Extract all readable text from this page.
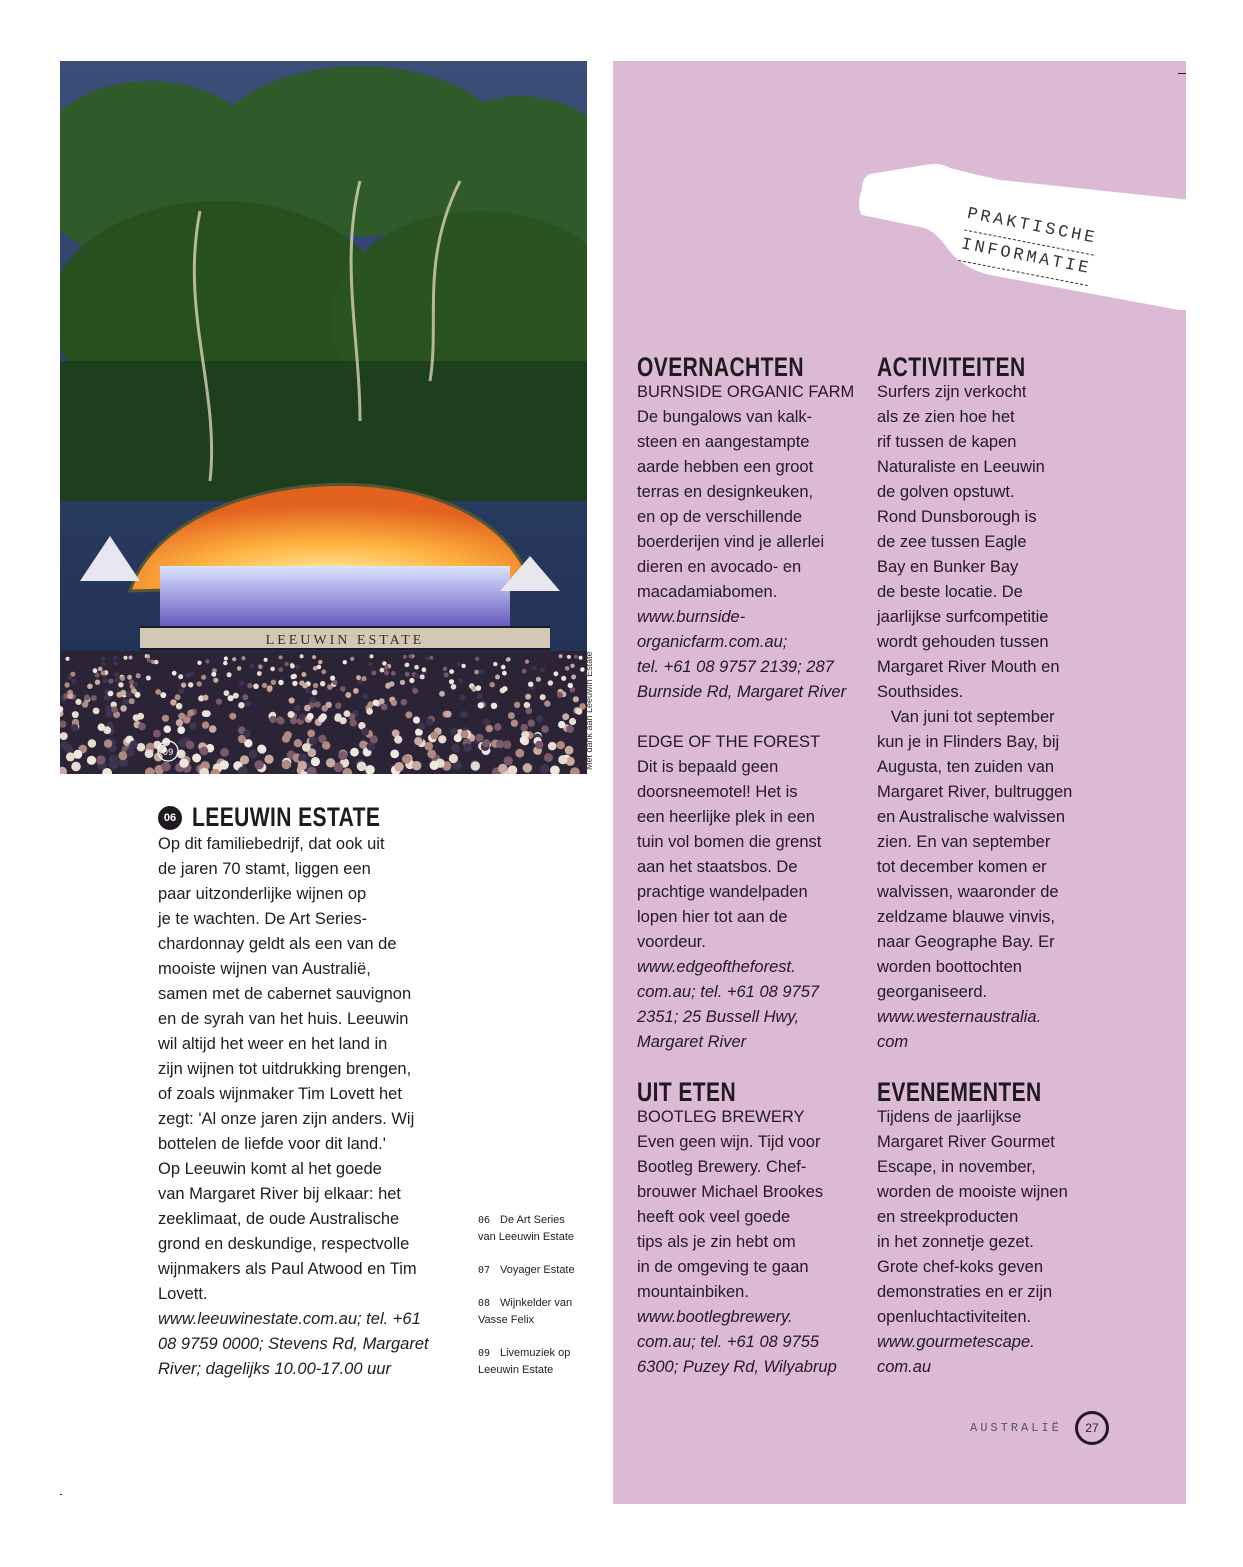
LEEUWIN ESTATE
09	Met dank aan Leeuwin Estate
06 LEEUWIN ESTATE
Op dit familiebedrijf, dat ook uit
de jaren 70 stamt, liggen een
paar uitzonderlijke wijnen op
je te wachten. De Art Series-
chardonnay geldt als een van de
mooiste wijnen van Australië,
samen met de cabernet sauvignon
en de syrah van het huis. Leeuwin
wil altijd het weer en het land in
zijn wijnen tot uitdrukking brengen,
of zoals wijnmaker Tim Lovett het
zegt: 'Al onze jaren zijn anders. Wij
bottelen de liefde voor dit land.'
Op Leeuwin komt al het goede
van Margaret River bij elkaar: het
zeeklimaat, de oude Australische
grond en deskundige, respectvolle
wijnmakers als Paul Atwood en Tim
Lovett.
www.leeuwinestate.com.au; tel. +61
08 9759 0000; Stevens Rd, Margaret
River; dagelijks 10.00-17.00 uur
06 De Art Series
van Leeuwin Estate
07 Voyager Estate
08 Wijnkelder van
Vasse Felix
09 Livemuziek op
Leeuwin Estate
PRAKTISCHE
INFORMATIE
OVERNACHTEN
BURNSIDE ORGANIC FARM
De bungalows van kalk-
steen en aangestampte
aarde hebben een groot
terras en designkeuken,
en op de verschillende
boerderijen vind je allerlei
dieren en avocado- en
macadamiabomen.
www.burnside-
organicfarm.com.au;
tel. +61 08 9757 2139; 287
Burnside Rd, Margaret River
EDGE OF THE FOREST
Dit is bepaald geen
doorsneemotel! Het is
een heerlijke plek in een
tuin vol bomen die grenst
aan het staatsbos. De
prachtige wandelpaden
lopen hier tot aan de
voordeur.
www.edgeoftheforest.
com.au; tel. +61 08 9757
2351; 25 Bussell Hwy,
Margaret River
UIT ETEN
BOOTLEG BREWERY
Even geen wijn. Tijd voor
Bootleg Brewery. Chef-
brouwer Michael Brookes
heeft ook veel goede
tips als je zin hebt om
in de omgeving te gaan
mountainbiken.
www.bootlegbrewery.
com.au; tel. +61 08 9755
6300; Puzey Rd, Wilyabrup
ACTIVITEITEN
Surfers zijn verkocht
als ze zien hoe het
rif tussen de kapen
Naturaliste en Leeuwin
de golven opstuwt.
Rond Dunsborough is
de zee tussen Eagle
Bay en Bunker Bay
de beste locatie. De
jaarlijkse surfcompetitie
wordt gehouden tussen
Margaret River Mouth en
Southsides.
Van juni tot september
kun je in Flinders Bay, bij
Augusta, ten zuiden van
Margaret River, bultruggen
en Australische walvissen
zien. En van september
tot december komen er
walvissen, waaronder de
zeldzame blauwe vinvis,
naar Geographe Bay. Er
worden boottochten
georganiseerd.
www.westernaustralia.
com
EVENEMENTEN
Tijdens de jaarlijkse
Margaret River Gourmet
Escape, in november,
worden de mooiste wijnen
en streekproducten
in het zonnetje gezet.
Grote chef-koks geven
demonstraties en er zijn
openluchtactiviteiten.
www.gourmetescape.
com.au
AUSTRALIË	27
